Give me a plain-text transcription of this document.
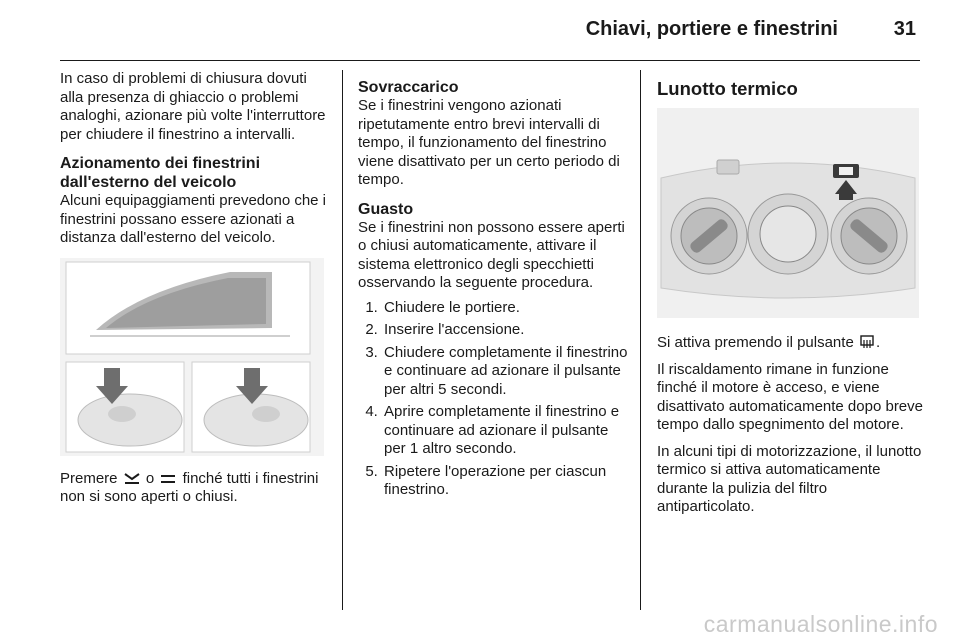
Chiavi, portiere e finestrini	31

In caso di problemi di chiusura dovuti alla presenza di ghiaccio o problemi analoghi, azionare più volte l'interruttore per chiudere il finestrino a intervalli.

Azionamento dei finestrini dall'esterno del veicolo

Alcuni equipaggiamenti prevedono che i finestrini possano essere azionati a distanza dall'esterno del veicolo.

Premere o finché tutti i finestrini non si sono aperti o chiusi.

Sovraccarico

Se i finestrini vengono azionati ripetutamente entro brevi intervalli di tempo, il funzionamento del finestrino viene disattivato per un certo periodo di tempo.

Guasto

Se i finestrini non possono essere aperti o chiusi automaticamente, attivare il sistema elettronico degli specchietti osservando la seguente procedura.

1. Chiudere le portiere.
2. Inserire l'accensione.
3. Chiudere completamente il finestrino e continuare ad azionare il pulsante per altri 5 secondi.
4. Aprire completamente il finestrino e continuare ad azionare il pulsante per 1 altro secondo.
5. Ripetere l'operazione per ciascun finestrino.
Lunotto termico

Si attiva premendo il pulsante .

Il riscaldamento rimane in funzione finché il motore è acceso, e viene disattivato automaticamente dopo breve tempo dallo spegnimento del motore.

In alcuni tipi di motorizzazione, il lunotto termico si attiva automaticamente durante la pulizia del filtro antiparticolato.

carmanualsonline.info
